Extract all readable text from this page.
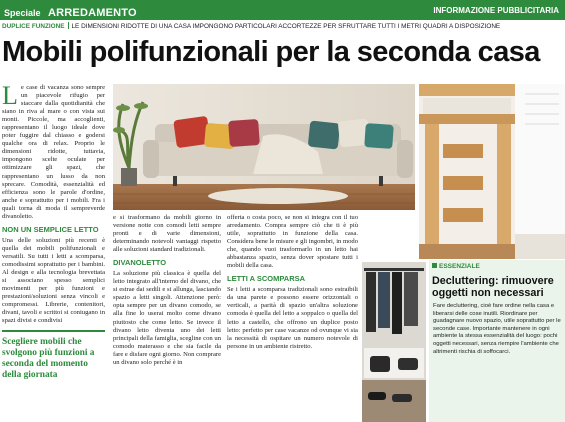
Speciale ARREDAMENTO	INFORMAZIONE PUBBLICITARIA
DUPLICE FUNZIONE LE DIMENSIONI RIDOTTE DI UNA CASA IMPONGONO PARTICOLARI ACCORTEZZE PER SFRUTTARE TUTTI I METRI QUADRI A DISPOSIZIONE
Mobili polifunzionali per la seconda casa
L e case di vacanza sono sempre un piacevole rifugio per staccare dalla quotidianità che siano in riva al mare o con vista sui monti. Piccole, ma accoglienti, rappresentano il luogo ideale dove poter fuggire dal chiasso e godersi qualche ora di relax. Proprio le dimensioni ridotte, tuttavia, impongono scelte oculate per ottimizzare gli spazi, che rappresentano un lusso da non sprecare. Comodità, essenzialità ed efficienza sono le parole d'ordine, anche e soprattutto per i mobili. Fra i quali torna di moda il sempreverde divanoletto.

NON UN SEMPLICE LETTO

Una delle soluzioni più recenti è quella dei mobili polifunzionali e versatili. Su tutti i letti a scomparsa, comodissimi soprattutto per i bambini. Al design e alla tecnologia brevettata si associano spesso semplici movimenti per più funzioni e prestazioni/soluzioni senza vincoli e compromessi. Librerie, contenitori, divani, tavoli e scrittoi si coniugano in spazi divisi e condivisi

Scegliere mobili che svolgono più funzioni a seconda del momento della giornata

e si trasformano da mobili giorno in versione notte con comodi letti sempre pronti e di varie dimensioni, determinando notevoli vantaggi rispetto alle soluzioni standard tradizionali.

DIVANOLETTO

La soluzione più classica è quella del letto integrato all'interno del divano, che si estrae dai sedili e si allunga, lasciando spazio a letti singoli. Attenzione però: opta sempre per un divano comodo, se alla fine lo userai molto come divano piuttosto che come letto. Se invece il divano letto diventa uno dei letti principali della famiglia, scegline con un comodo materasso e che sia facile da fare e disfare ogni giorno. Non comprare un divano solo perché è in

offerta o costa poco, se non si integra con il tuo arredamento. Compra sempre ciò che ti è più utile, soprattutto in funzione della casa. Considera bene le misure e gli ingombri, in modo che, quando vuoi trasformarlo in un letto hai abbastanza spazio, senza dover spostare tutti i mobili della casa.

LETTI A SCOMPARSA

Se i letti a scomparsa tradizionali sono estraibili da una parete e possono essere orizzontali o verticali, a parità di spazio un'altra soluzione comoda è quella del letto a soppalco o quella del letto a castello, che offrono un duplice posto letto: perfetto per case vacanze od ovunque vi sia la necessità di ospitare un numero notevole di persone in un ambiente ristretto.

ESSENZIALE
Decluttering: rimuovere oggetti non necessari
Fare decluttering, cioè fare ordine nella casa e liberarsi delle cose inutili. Riordinare per guadagnare nuovo spazio, utile soprattutto per le seconde case. Importante mantenere in ogni ambiente la stessa essenzialità del luogo: pochi oggetti necessari, senza riempire l'ambiente che altrimenti rischia di soffocarci.
